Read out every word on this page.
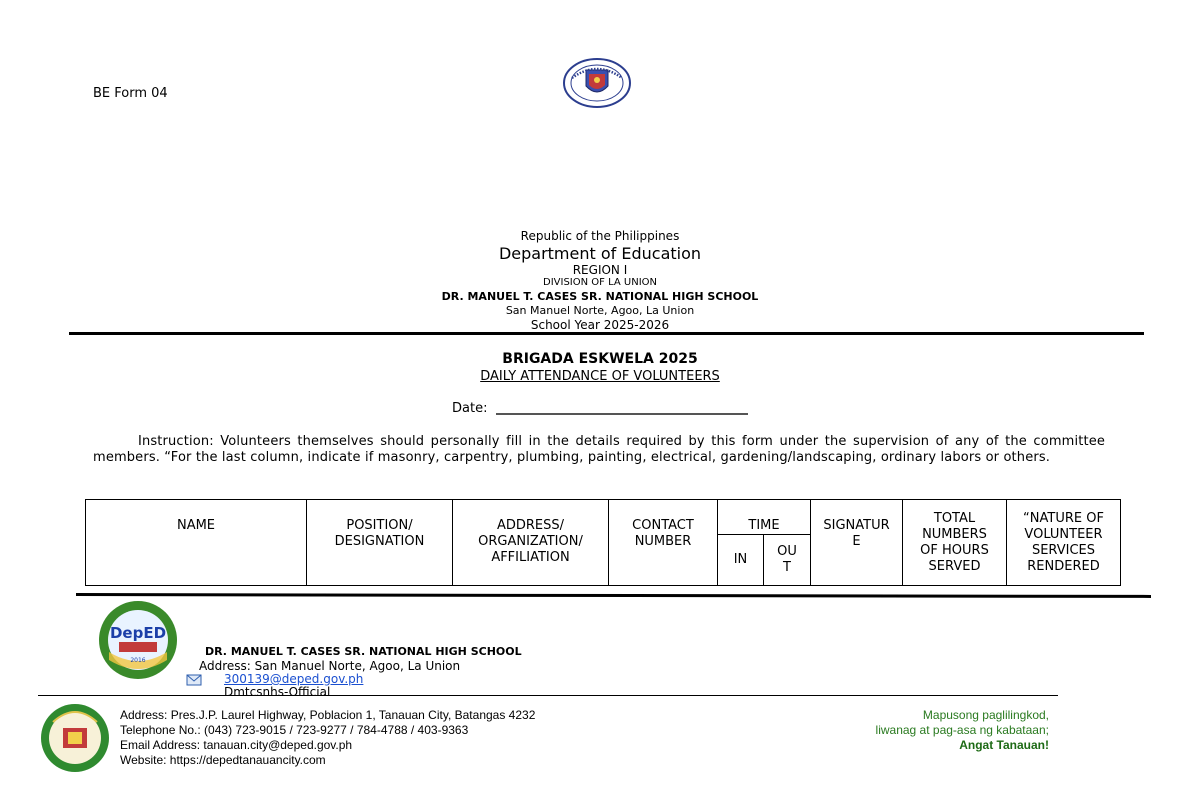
BE Form 04
Republic of the Philippines
Department of Education
REGION I
DIVISION OF LA UNION
DR. MANUEL T. CASES SR. NATIONAL HIGH SCHOOL
San Manuel Norte, Agoo, La Union
School Year 2025-2026
BRIGADA ESKWELA 2025
DAILY ATTENDANCE OF VOLUNTEERS
Date:
Instruction: Volunteers themselves should personally fill in the details required by this form under the supervision of any of the committee members. “For the last column, indicate if masonry, carpentry, plumbing, painting, electrical, gardening/landscaping, ordinary labors or others.
NAME	POSITION/ DESIGNATION	ADDRESS/ ORGANIZATION/ AFFILIATION	CONTACT NUMBER	TIME		SIGNATUR E	TOTAL NUMBERS OF HOURS SERVED	“NATURE OF VOLUNTEER SERVICES RENDERED
				IN	OU T			
DepED
2016
DR. MANUEL T. CASES SR. NATIONAL HIGH SCHOOL
Address: San Manuel Norte, Agoo, La Union
300139@deped.gov.ph
Dmtcsnhs-Official
Address: Pres.J.P. Laurel Highway, Poblacion 1, Tanauan City, Batangas 4232
Telephone No.: (043) 723-9015 / 723-9277 / 784-4788 / 403-9363
Email Address: tanauan.city@deped.gov.ph
Website: https://depedtanauancity.com
Mapusong paglilingkod,
liwanag at pag-asa ng kabataan;
Angat Tanauan!
